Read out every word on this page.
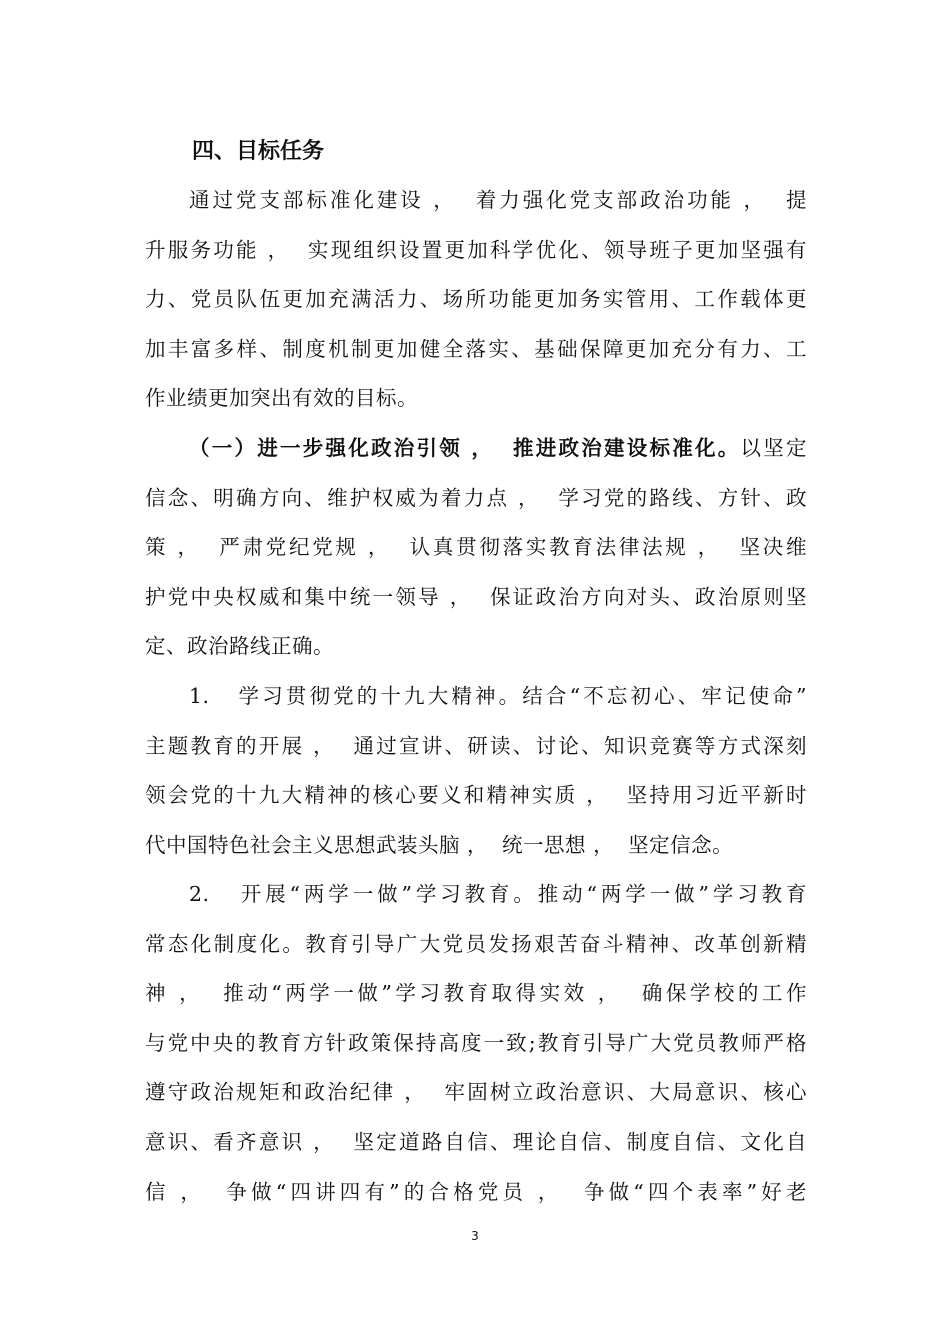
四、目标任务
通过党支部标准化建设 ，  着力强化党支部政治功能 ，  提
升服务功能 ，  实现组织设置更加科学优化、领导班子更加坚强有
力、党员队伍更加充满活力、场所功能更加务实管用、工作载体更
加丰富多样、制度机制更加健全落实、基础保障更加充分有力、工
作业绩更加突出有效的目标。
（一）进一步强化政治引领 ，  推进政治建设标准化。以坚定
信念、明确方向、维护权威为着力点 ，  学习党的路线、方针、政
策 ，  严肃党纪党规 ，  认真贯彻落实教育法律法规 ，  坚决维
护党中央权威和集中统一领导 ，  保证政治方向对头、政治原则坚
定、政治路线正确。
1.   学习贯彻党的十九大精神。结合“不忘初心、牢记使命”
主题教育的开展 ，  通过宣讲、研读、讨论、知识竞赛等方式深刻
领会党的十九大精神的核心要义和精神实质 ，  坚持用习近平新时
代中国特色社会主义思想武装头脑 ，  统一思想 ，  坚定信念。
2.   开展“两学一做”学习教育。推动“两学一做”学习教育
常态化制度化。教育引导广大党员发扬艰苦奋斗精神、改革创新精
神 ，  推动“两学一做”学习教育取得实效 ，  确保学校的工作
与党中央的教育方针政策保持高度一致;教育引导广大党员教师严格
遵守政治规矩和政治纪律 ，  牢固树立政治意识、大局意识、核心
意识、看齐意识 ，  坚定道路自信、理论自信、制度自信、文化自
信 ，  争做“四讲四有”的合格党员 ，  争做“四个表率”好老
3
